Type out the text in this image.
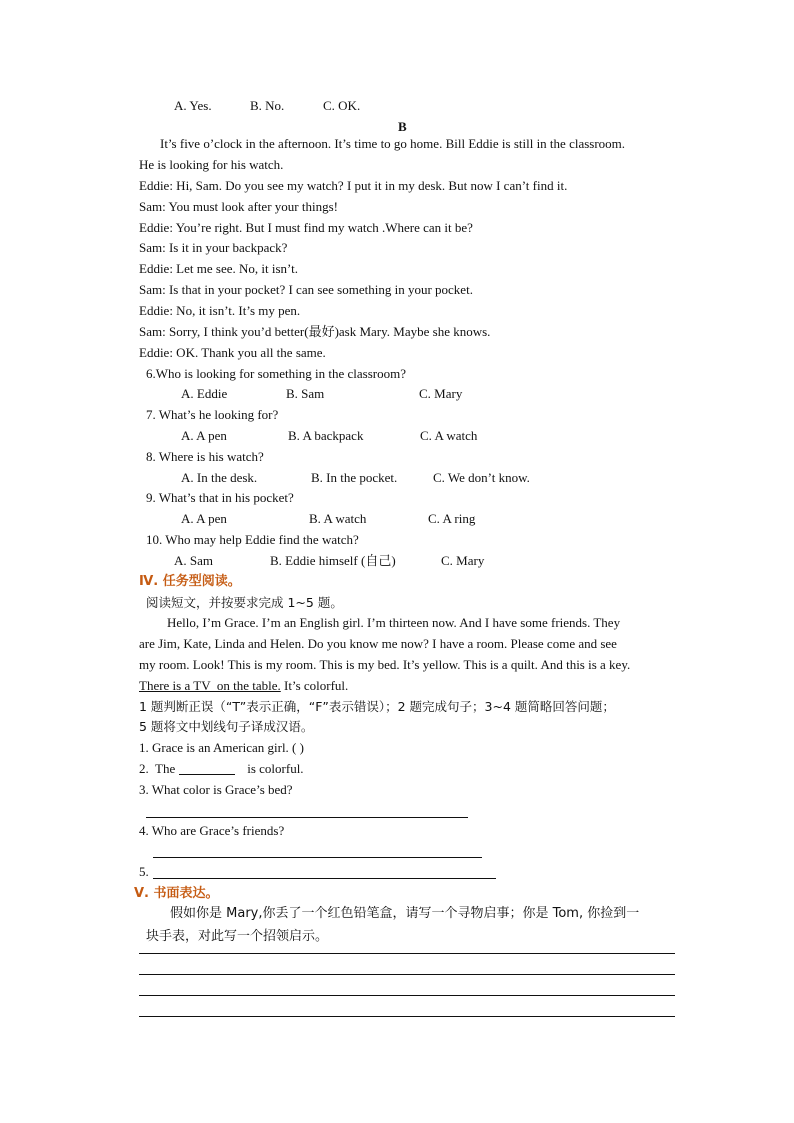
A. Yes.	B. No.	C. OK.
B
It’s five o’clock in the afternoon. It’s time to go home. Bill Eddie is still in the classroom.
He is looking for his watch.
Eddie: Hi, Sam. Do you see my watch? I put it in my desk. But now I can’t find it.
Sam: You must look after your things!
Eddie: You’re right. But I must find my watch .Where can it be?
Sam: Is it in your backpack?
Eddie: Let me see. No, it isn’t.
Sam: Is that in your pocket? I can see something in your pocket.
Eddie: No, it isn’t. It’s my pen.
Sam: Sorry, I think you’d better(最好)ask Mary. Maybe she knows.
Eddie: OK. Thank you all the same.
6.Who is looking for something in the classroom?
A. Eddie	B. Sam	C. Mary
7. What’s he looking for?
A. A pen	B. A backpack	C. A watch
8. Where is his watch?
A. In the desk.	B. In the pocket.	C. We don’t know.
9. What’s that in his pocket?
A. A pen	B. A watch	C. A ring
10. Who may help Eddie find the watch?
A. Sam	B. Eddie himself (自己)	C. Mary
Ⅳ. 任务型阅读。
阅读短文，并按要求完成 1~5 题。
Hello, I’m Grace. I’m an English girl. I’m thirteen now. And I have some friends. They
are Jim, Kate, Linda and Helen. Do you know me now? I have a room. Please come and see
my room. Look! This is my room. This is my bed. It’s yellow. This is a quilt. And this is a key.
There is a TV  on the table. It’s colorful.
1 题判断正误（“T”表示正确，“F”表示错误）；2 题完成句子；3~4 题简略回答问题；
5 题将文中划线句子译成汉语。
1. Grace is an American girl. ( )
2.  The	is colorful.
3. What color is Grace’s bed?
4. Who are Grace’s friends?
5.
Ⅴ. 书面表达。
假如你是 Mary,你丢了一个红色铅笔盒，请写一个寻物启事；你是 Tom, 你捡到一
块手表，对此写一个招领启示。
